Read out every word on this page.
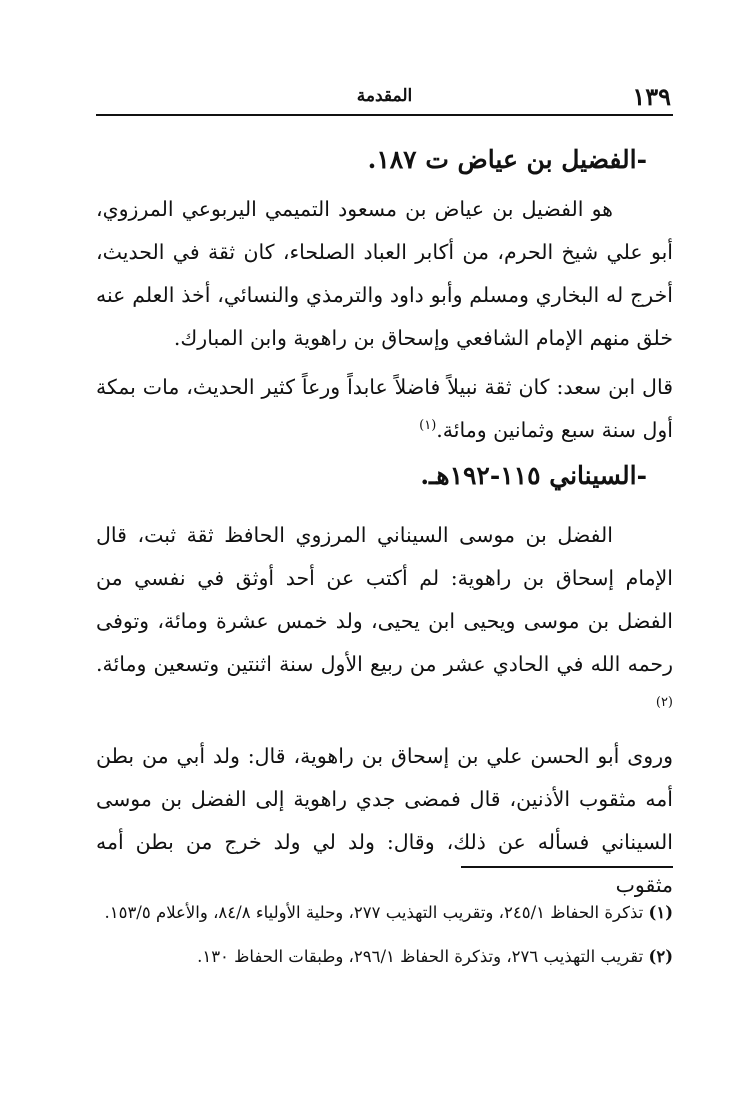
١٣٩
المقدمة
-الفضيل بن عياض ت ١٨٧.

هو الفضيل بن عياض بن مسعود التميمي اليربوعي المرزوي، أبو علي شيخ الحرم، من أكابر العباد الصلحاء، كان ثقة في الحديث، أخرج له البخاري ومسلم وأبو داود والترمذي والنسائي، أخذ العلم عنه خلق منهم الإمام الشافعي وإسحاق بن راهوية وابن المبارك.

قال ابن سعد: كان ثقة نبيلاً فاضلاً عابداً ورعاً كثير الحديث، مات بمكة أول سنة سبع وثمانين ومائة.$^{(١)}$

-السيناني ١١٥-١٩٢هـ.

الفضل بن موسى السيناني المرزوي الحافظ ثقة ثبت، قال الإمام إسحاق بن راهوية: لم أكتب عن أحد أوثق في نفسي من الفضل بن موسى ويحيى ابن يحيى، ولد خمس عشرة ومائة، وتوفى رحمه الله في الحادي عشر من ربيع الأول سنة اثنتين وتسعين ومائة.$^{(٢)}$

وروى أبو الحسن علي بن إسحاق بن راهوية، قال: ولد أبي من بطن أمه مثقوب الأذنين، قال فمضى جدي راهوية إلى الفضل بن موسى السيناني فسأله عن ذلك، وقال: ولد لي ولد خرج من بطن أمه مثقوب

(١) تذكرة الحفاظ ٢٤٥/١، وتقريب التهذيب ٢٧٧، وحلية الأولياء ٨٤/٨، والأعلام ١٥٣/٥.
(٢) تقريب التهذيب ٢٧٦، وتذكرة الحفاظ ٢٩٦/١، وطبقات الحفاظ ١٣٠.
